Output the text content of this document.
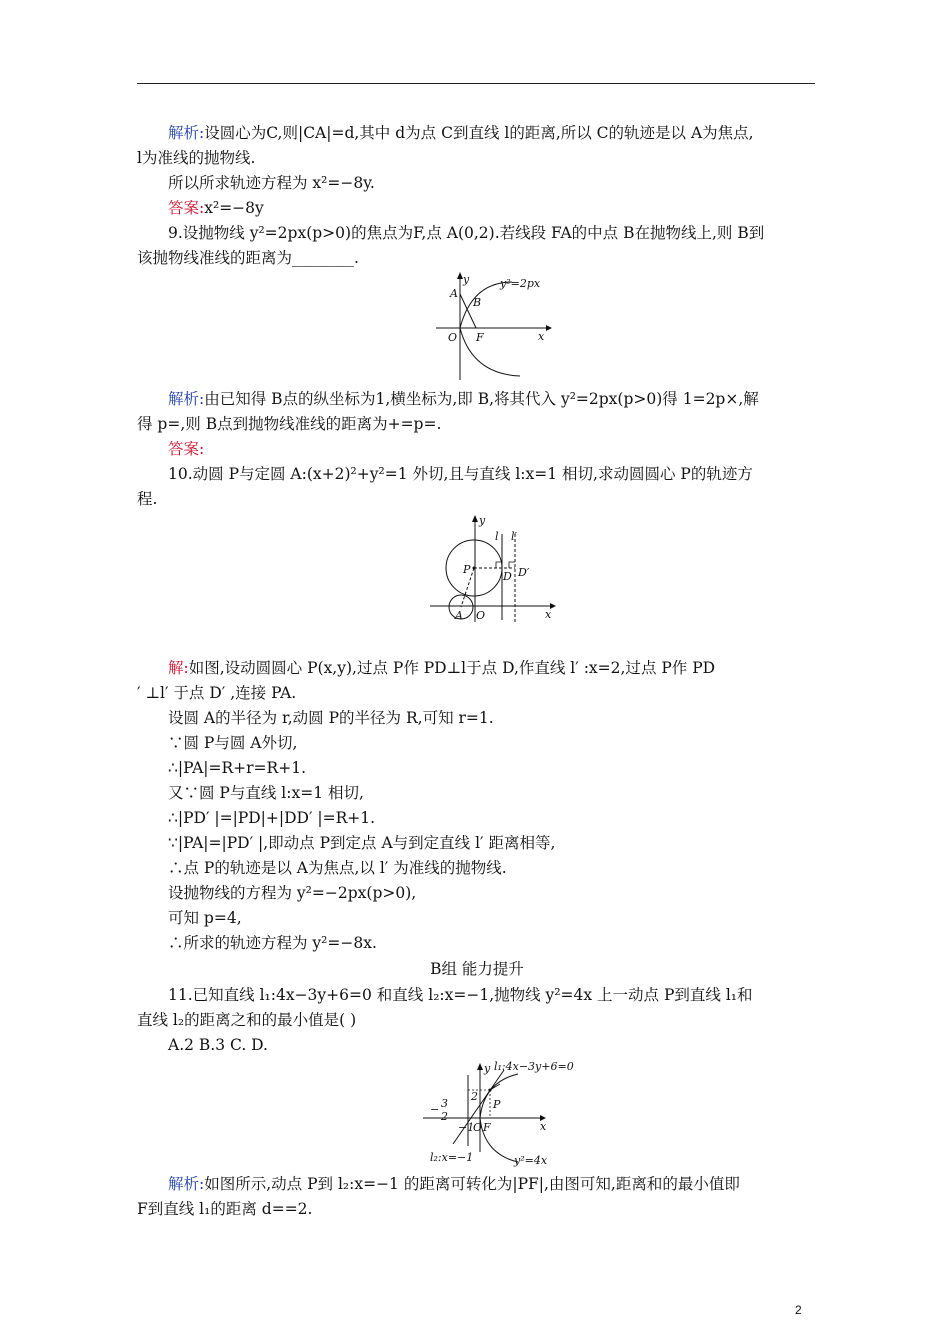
解析:设圆心为C,则|CA|=d,其中 d为点 C到直线 l的距离,所以 C的轨迹是以 A为焦点,
l为准线的抛物线.
所以所求轨迹方程为 x²=−8y.
答案:x²=−8y
9.设抛物线 y²=2px(p>0)的焦点为F,点 A(0,2).若线段 FA的中点 B在抛物线上,则 B到
该抛物线准线的距离为________.
y
A
B
O F	x
y²=2px
解析:由已知得 B点的纵坐标为1,横坐标为,即 B,将其代入 y²=2px(p>0)得 1=2p×,解
得 p=,则 B点到抛物线准线的距离为+=p=.
答案:
10.动圆 P与定圆 A:(x+2)²+y²=1 外切,且与直线 l:x=1 相切,求动圆圆心 P的轨迹方
程.
y
l l′
P
D D′
A O	x
解:如图,设动圆圆心 P(x,y),过点 P作 PD⊥l于点 D,作直线 l′ :x=2,过点 P作 PD
′ ⊥l′ 于点 D′ ,连接 PA.
设圆 A的半径为 r,动圆 P的半径为 R,可知 r=1.
∵圆 P与圆 A外切,
∴|PA|=R+r=R+1.
又∵圆 P与直线 l:x=1 相切,
∴|PD′ |=|PD|+|DD′ |=R+1.
∵|PA|=|PD′ |,即动点 P到定点 A与到定直线 l′ 距离相等,
∴点 P的轨迹是以 A为焦点,以 l′ 为准线的抛物线.
设抛物线的方程为 y²=−2px(p>0),
可知 p=4,
∴所求的轨迹方程为 y²=−8x.
B组 能力提升
11.已知直线 l₁:4x−3y+6=0 和直线 l₂:x=−1,抛物线 y²=4x 上一动点 P到直线 l₁和
直线 l₂的距离之和的最小值是( )
A.2 B.3 C. D.
y l₁:4x−3y+6=0
3
−
2
2
P
−1
O F	x
l₂:x=−1	y²=4x
解析:如图所示,动点 P到 l₂:x=−1 的距离可转化为|PF|,由图可知,距离和的最小值即
F到直线 l₁的距离 d==2.
2
